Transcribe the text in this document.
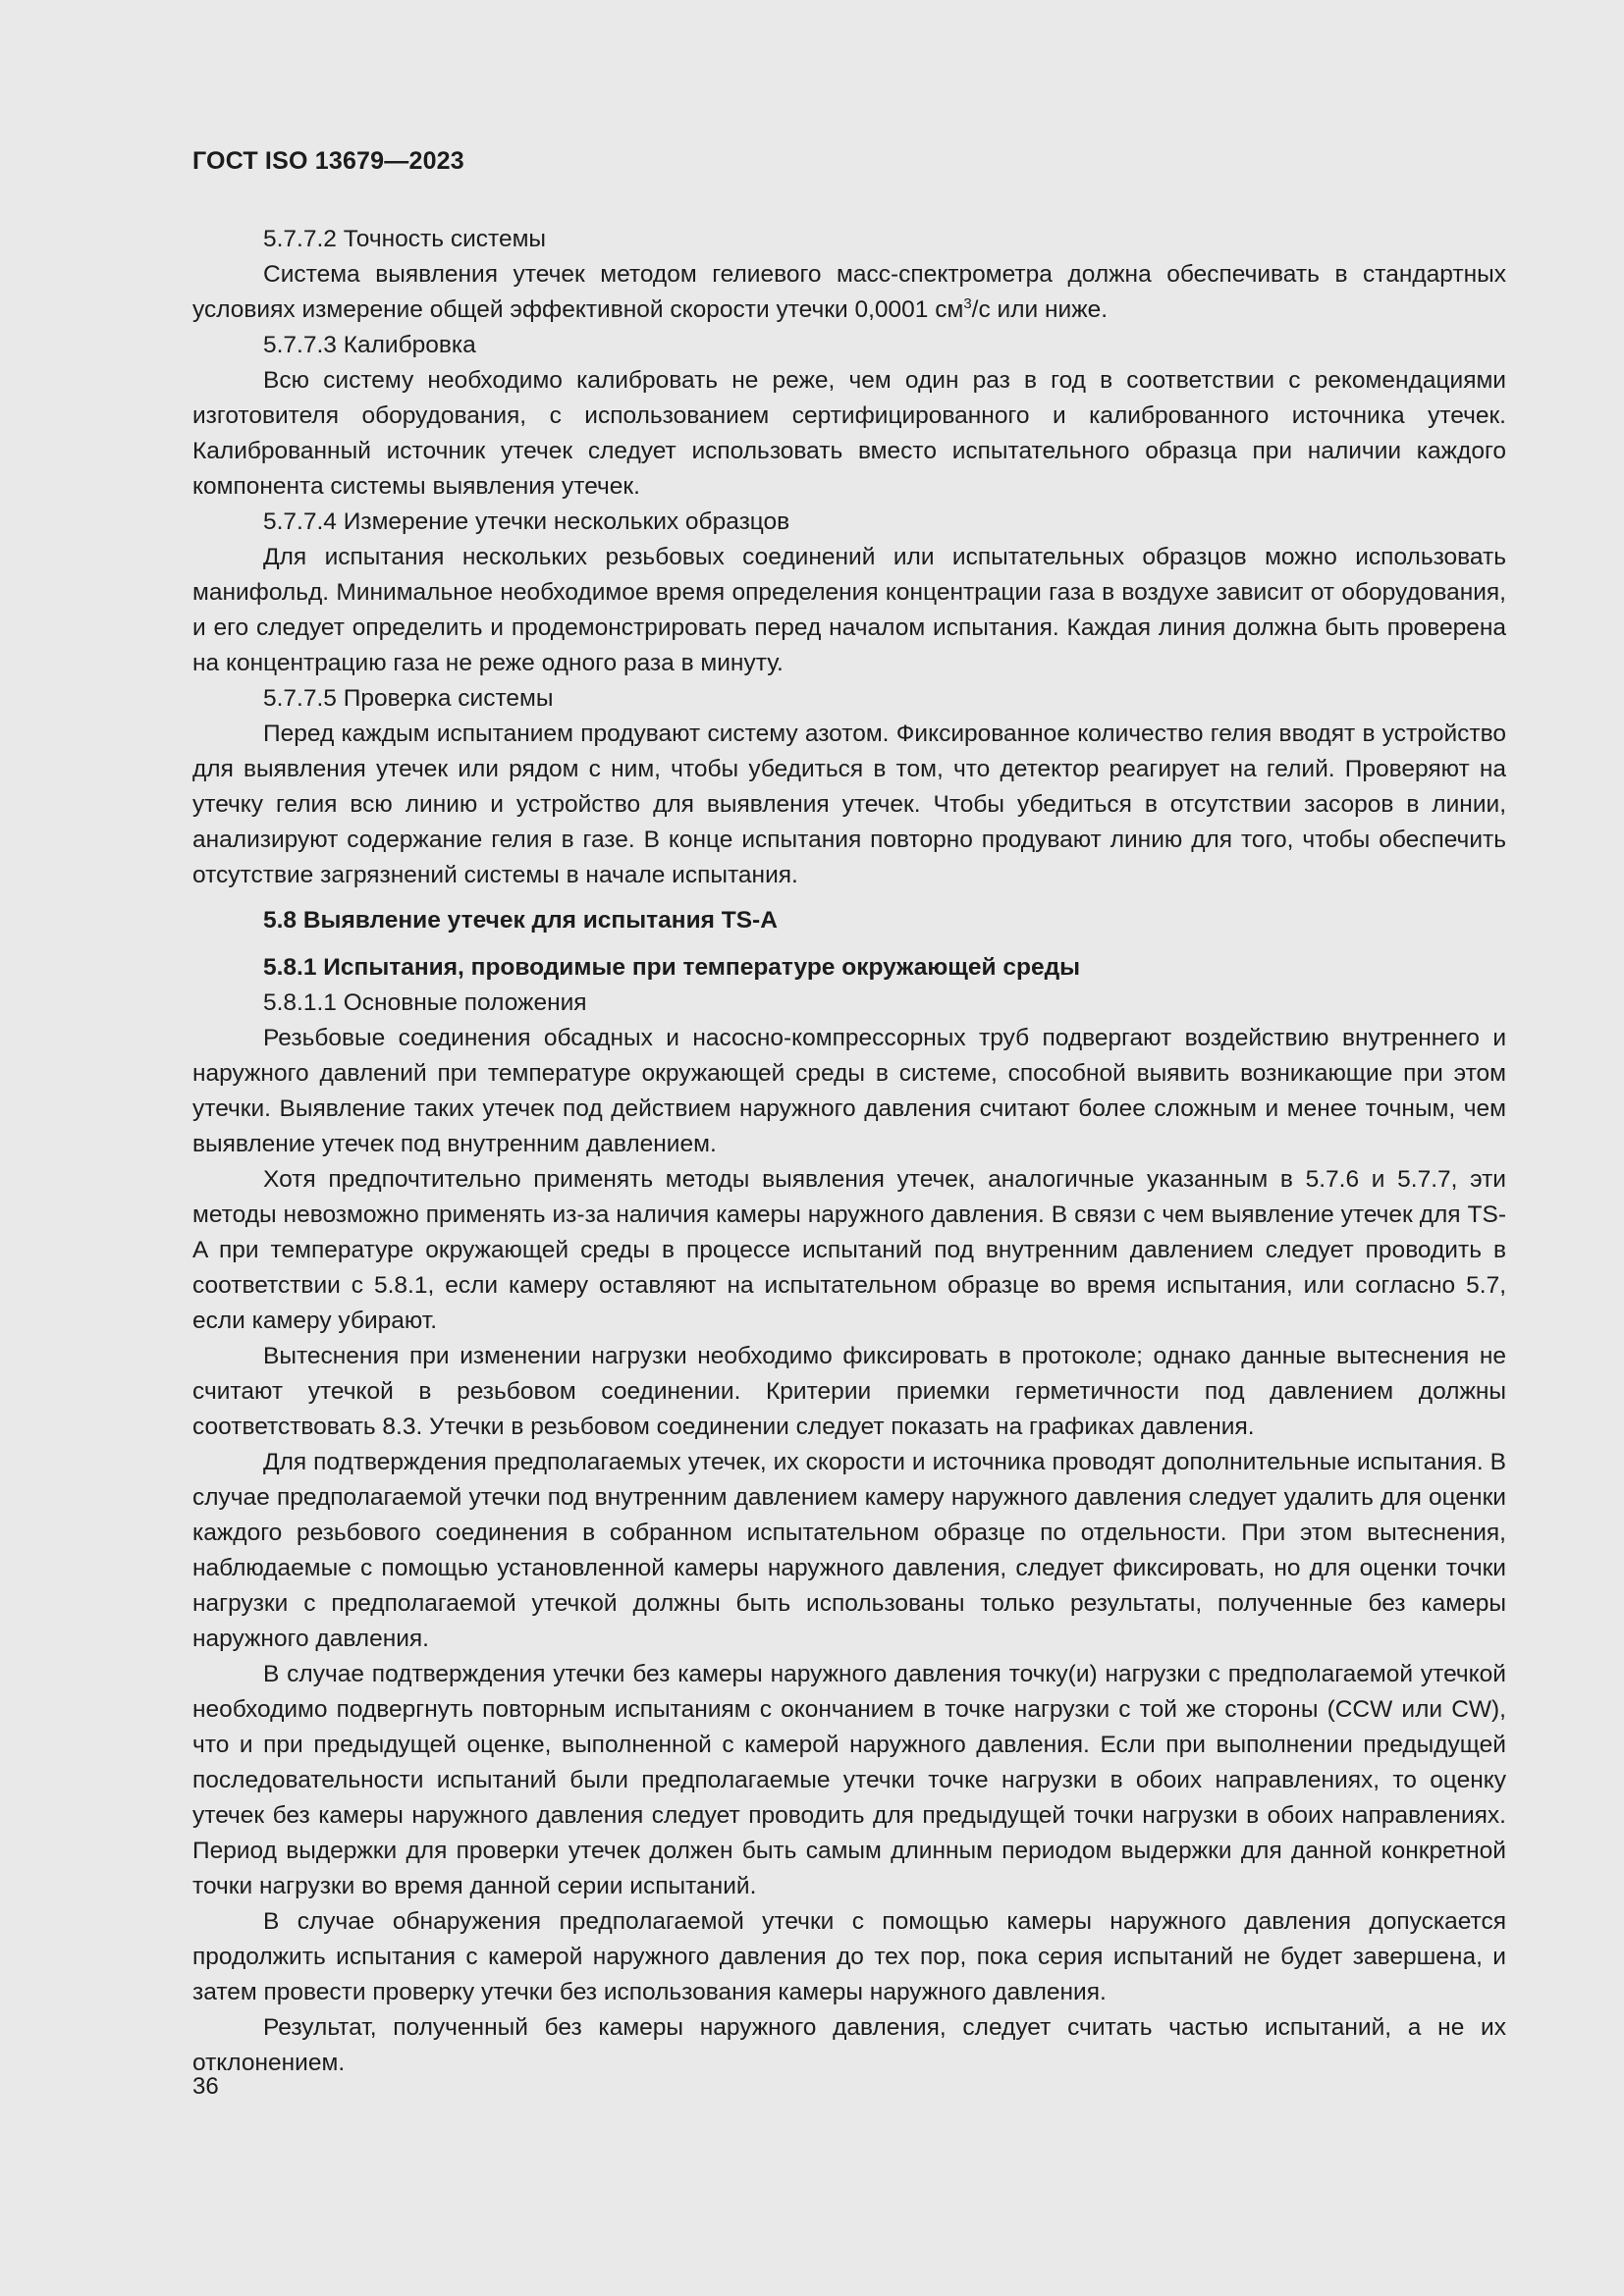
ГОСТ ISO 13679—2023

5.7.7.2 Точность системы

Система выявления утечек методом гелиевого масс-спектрометра должна обеспечивать в стандартных условиях измерение общей эффективной скорости утечки 0,0001 $см^3/с$ или ниже.

5.7.7.3 Калибровка

Всю систему необходимо калибровать не реже, чем один раз в год в соответствии с рекомендациями изготовителя оборудования, с использованием сертифицированного и калиброванного источника утечек. Калиброванный источник утечек следует использовать вместо испытательного образца при наличии каждого компонента системы выявления утечек.

5.7.7.4 Измерение утечки нескольких образцов

Для испытания нескольких резьбовых соединений или испытательных образцов можно использовать манифольд. Минимальное необходимое время определения концентрации газа в воздухе зависит от оборудования, и его следует определить и продемонстрировать перед началом испытания. Каждая линия должна быть проверена на концентрацию газа не реже одного раза в минуту.

5.7.7.5 Проверка системы

Перед каждым испытанием продувают систему азотом. Фиксированное количество гелия вводят в устройство для выявления утечек или рядом с ним, чтобы убедиться в том, что детектор реагирует на гелий. Проверяют на утечку гелия всю линию и устройство для выявления утечек. Чтобы убедиться в отсутствии засоров в линии, анализируют содержание гелия в газе. В конце испытания повторно продувают линию для того, чтобы обеспечить отсутствие загрязнений системы в начале испытания.

5.8 Выявление утечек для испытания TS-A

5.8.1 Испытания, проводимые при температуре окружающей среды

5.8.1.1 Основные положения

Резьбовые соединения обсадных и насосно-компрессорных труб подвергают воздействию внутреннего и наружного давлений при температуре окружающей среды в системе, способной выявить возникающие при этом утечки. Выявление таких утечек под действием наружного давления считают более сложным и менее точным, чем выявление утечек под внутренним давлением.

Хотя предпочтительно применять методы выявления утечек, аналогичные указанным в 5.7.6 и 5.7.7, эти методы невозможно применять из-за наличия камеры наружного давления. В связи с чем выявление утечек для TS-A при температуре окружающей среды в процессе испытаний под внутренним давлением следует проводить в соответствии с 5.8.1, если камеру оставляют на испытательном образце во время испытания, или согласно 5.7, если камеру убирают.

Вытеснения при изменении нагрузки необходимо фиксировать в протоколе; однако данные вытеснения не считают утечкой в резьбовом соединении. Критерии приемки герметичности под давлением должны соответствовать 8.3. Утечки в резьбовом соединении следует показать на графиках давления.

Для подтверждения предполагаемых утечек, их скорости и источника проводят дополнительные испытания. В случае предполагаемой утечки под внутренним давлением камеру наружного давления следует удалить для оценки каждого резьбового соединения в собранном испытательном образце по отдельности. При этом вытеснения, наблюдаемые с помощью установленной камеры наружного давления, следует фиксировать, но для оценки точки нагрузки с предполагаемой утечкой должны быть использованы только результаты, полученные без камеры наружного давления.

В случае подтверждения утечки без камеры наружного давления точку(и) нагрузки с предполагаемой утечкой необходимо подвергнуть повторным испытаниям с окончанием в точке нагрузки с той же стороны (CCW или CW), что и при предыдущей оценке, выполненной с камерой наружного давления. Если при выполнении предыдущей последовательности испытаний были предполагаемые утечки точке нагрузки в обоих направлениях, то оценку утечек без камеры наружного давления следует проводить для предыдущей точки нагрузки в обоих направлениях. Период выдержки для проверки утечек должен быть самым длинным периодом выдержки для данной конкретной точки нагрузки во время данной серии испытаний.

В случае обнаружения предполагаемой утечки с помощью камеры наружного давления допускается продолжить испытания с камерой наружного давления до тех пор, пока серия испытаний не будет завершена, и затем провести проверку утечки без использования камеры наружного давления.

Результат, полученный без камеры наружного давления, следует считать частью испытаний, а не их отклонением.

36
